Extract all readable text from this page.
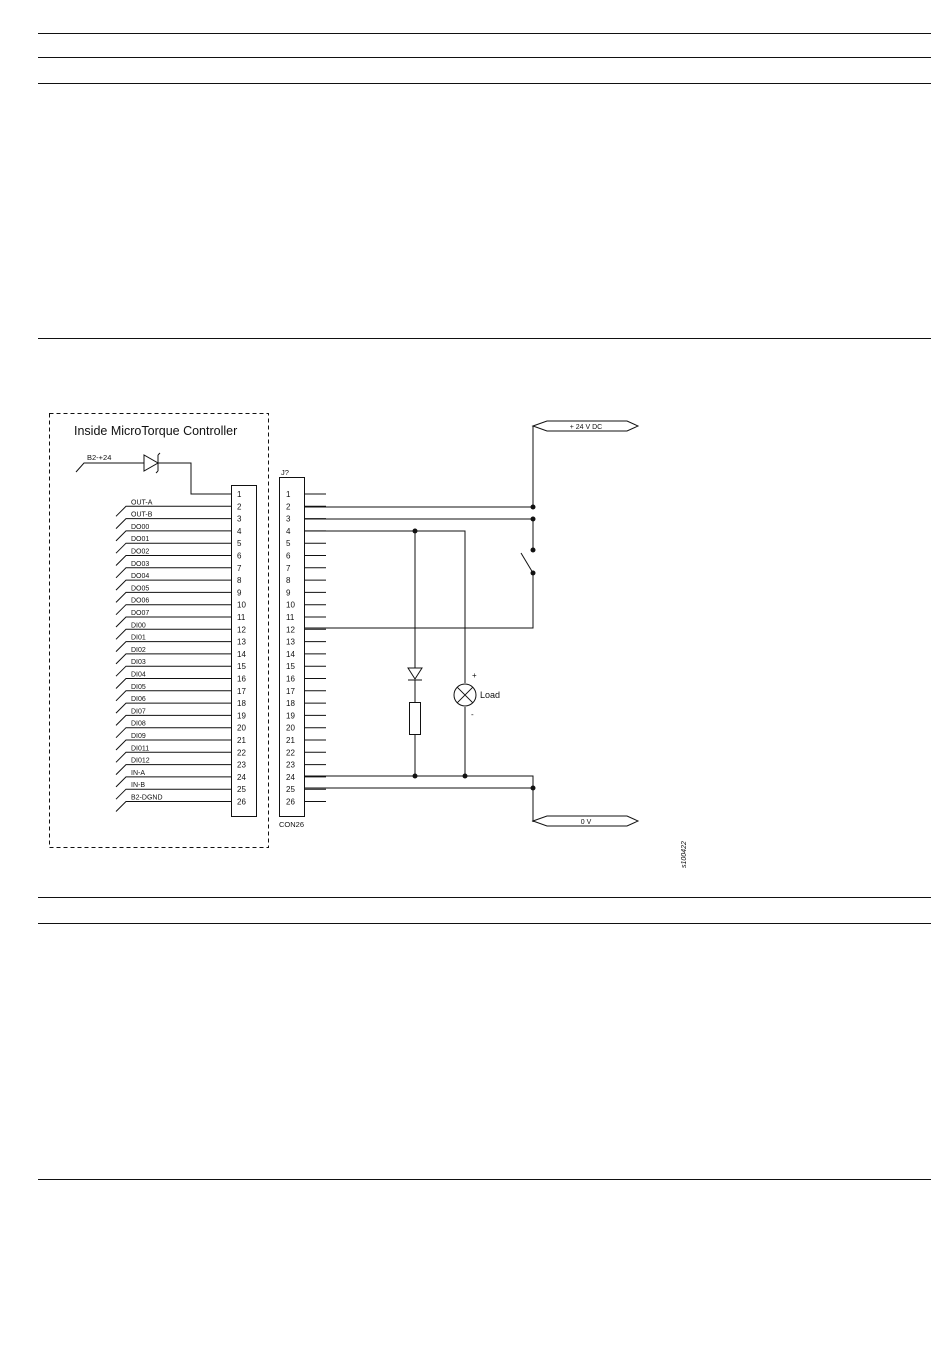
OUT-A
OUT-B
DO00
DO01
DO02
DO03
DO04
DO05
DO06
DO07
DI00
DI01
DI02
DI03
DI04
DI05
DI06
DI07
DI08
DI09
DI011
DI012
IN-A
IN-B
B2-DGND
1
2
3
4
5
6
7
8
9
10
11
12
13
14
15
16
17
18
19
20
21
22
23
24
25
26
1
2
3
4
5
6
7
8
9
10
11
12
13
14
15
16
17
18
19
20
21
22
23
24
25
26
Inside MicroTorque Controller
B2-+24
J?
CON26
+ 24 V DC
0 V
Load
+
-
s100422
